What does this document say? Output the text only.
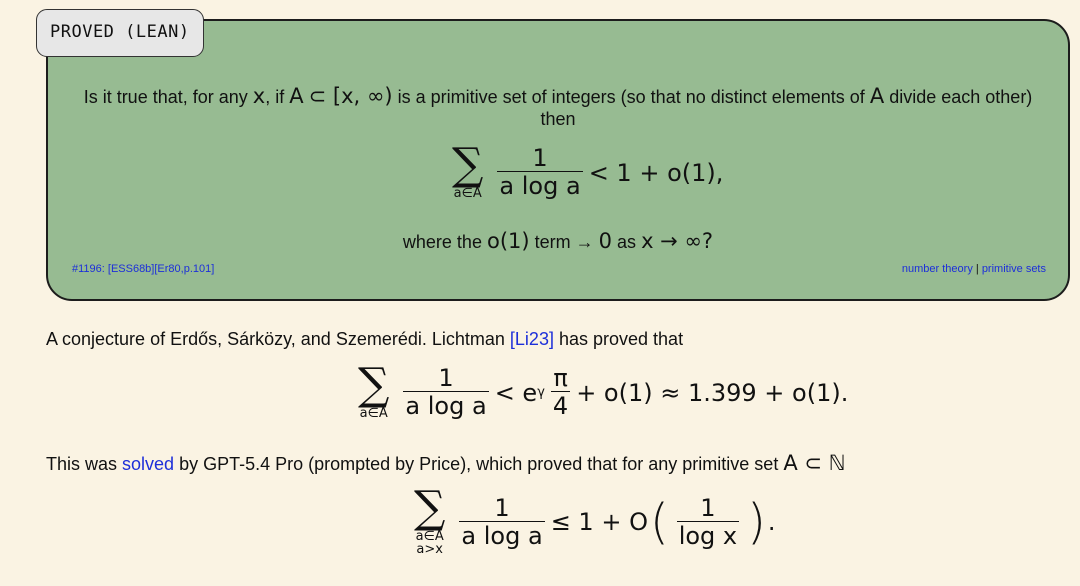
Is it true that, for any x, if A ⊂ [x, ∞) is a primitive set of integers (so that no distinct elements of A divide each other) then
∑
a∈A $\frac{1}{\text{a log a}} < 1 + o(1)$,
where the o(1) term → 0 as x → ∞?
#1196: [ESS68b][Er80,p.101]	number theory | primitive sets
PROVED (LEAN)
A conjecture of Erdős, Sárközy, and Szemerédi. Lichtman [Li23] has proved that
∑
a∈A $\frac{1}{\text{a log a}} < e$ γ $\frac{\pi}{4} + o(1) \approx 1.399 + o(1)$.
This was solved by GPT-5.4 Pro (prompted by Price), which proved that for any primitive set A ⊂ ℕ
∑
a∈A
$a>x \frac{1}{\text{a log a}} \le 1 + O$ ( $\frac{1}{\text{log x}}$ ) .
